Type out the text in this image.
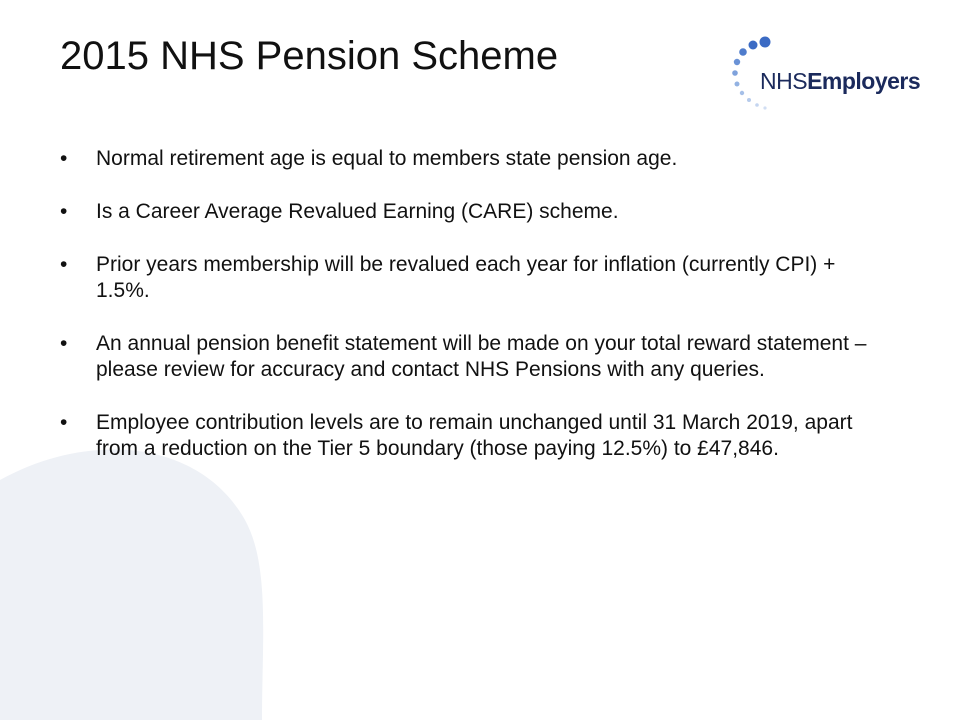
2015 NHS Pension Scheme
NHSEmployers
• Normal retirement age is equal to members state pension age.
• Is a Career Average Revalued Earning (CARE) scheme.
• Prior years membership will be revalued each year for inflation (currently CPI) + 1.5%.
• An annual pension benefit statement will be made on your total reward statement – please review for accuracy and contact NHS Pensions with any queries.
• Employee contribution levels are to remain unchanged until 31 March 2019, apart from a reduction on the Tier 5 boundary (those paying 12.5%) to £47,846.
